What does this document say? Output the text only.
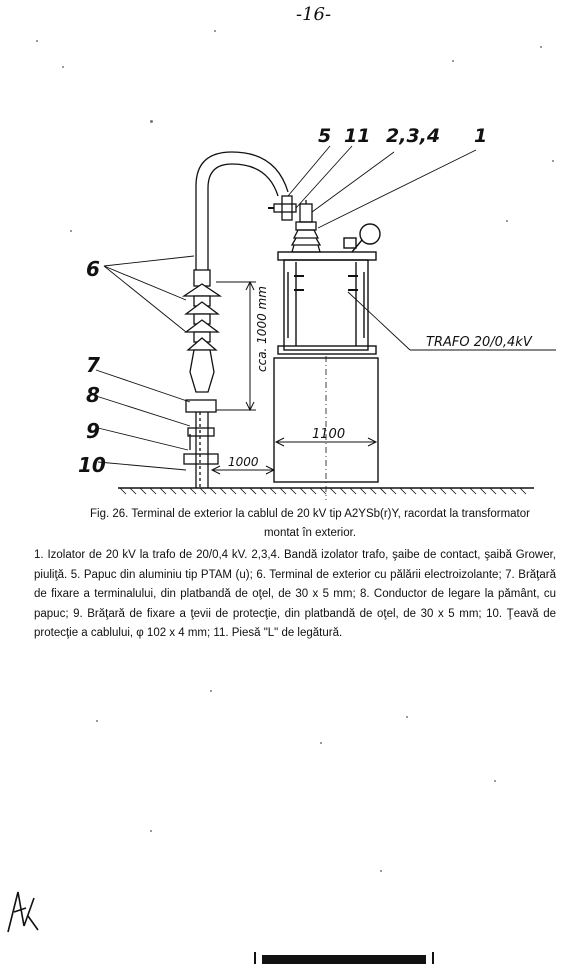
-16-
cca. 1000 mm
1100
1000
5 11 2,3,4 1
6
7
8
9
10
TRAFO 20/0,4kV
Fig. 26. Terminal de exterior la cablul de 20 kV tip A2YSb(r)Y, racordat la transformator
montat în exterior.
1. Izolator de 20 kV la trafo de 20/0,4 kV. 2,3,4. Bandă izolator trafo, şaibe de contact, şaibă Grower, piuliţă. 5. Papuc din aluminiu tip PTAM (u); 6. Terminal de exterior cu pălării electroizolante; 7. Brăţară de fixare a terminalului, din platbandă de oţel, de 30 x 5 mm; 8. Conductor de legare la pământ, cu papuc; 9. Brăţară de fixare a ţevii de protecţie, din platbandă de oţel, de 30 x 5 mm; 10. Ţeavă de protecţie a cablului, φ 102 x 4 mm; 11. Piesă "L" de legătură.
